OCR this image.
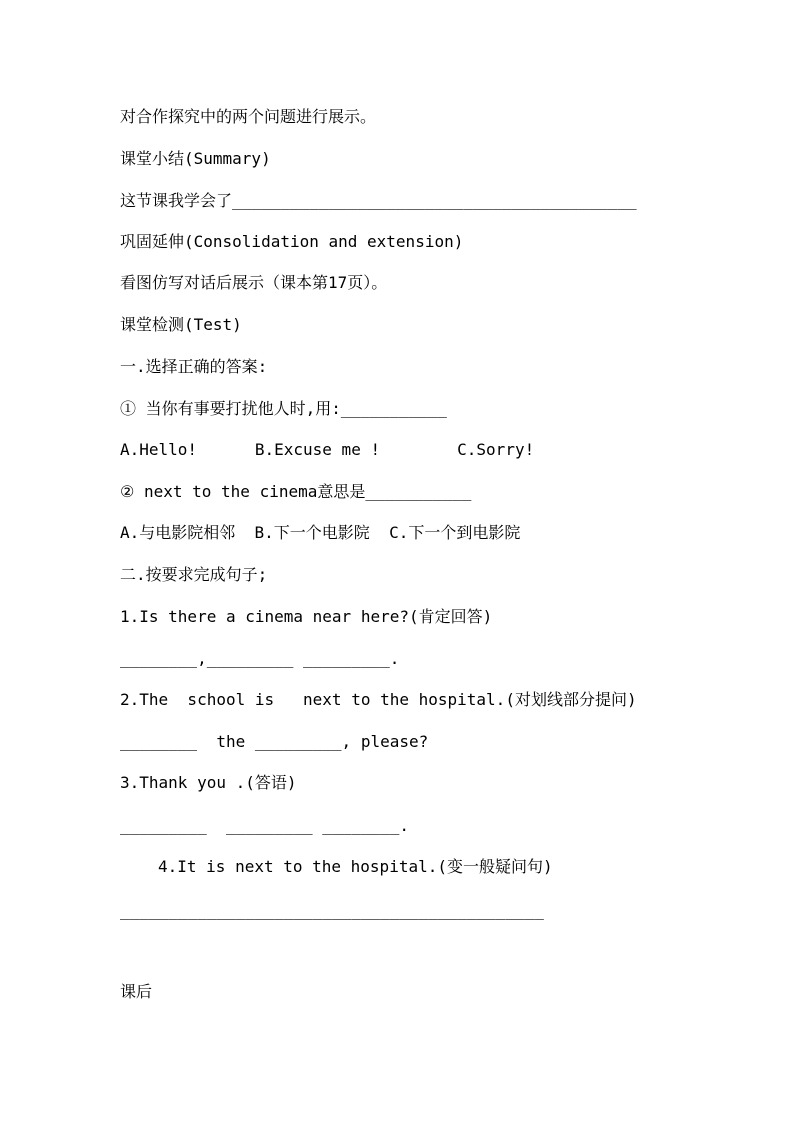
对合作探究中的两个问题进行展示。

课堂小结(Summary)

这节课我学会了__________________________________________

巩固延伸(Consolidation and extension)

看图仿写对话后展示（课本第17页）。

课堂检测(Test)

一.选择正确的答案:

① 当你有事要打扰他人时,用:___________

A.Hello!      B.Excuse me !        C.Sorry!

② next to the cinema意思是___________

A.与电影院相邻  B.下一个电影院  C.下一个到电影院

二.按要求完成句子;

1.Is there a cinema near here?(肯定回答)

________,_________ _________.

2.The  school is   next to the hospital.(对划线部分提问)

________  the _________, please?

3.Thank you .(答语)

_________  _________ ________.

4.It is next to the hospital.(变一般疑问句)

____________________________________________

课后
